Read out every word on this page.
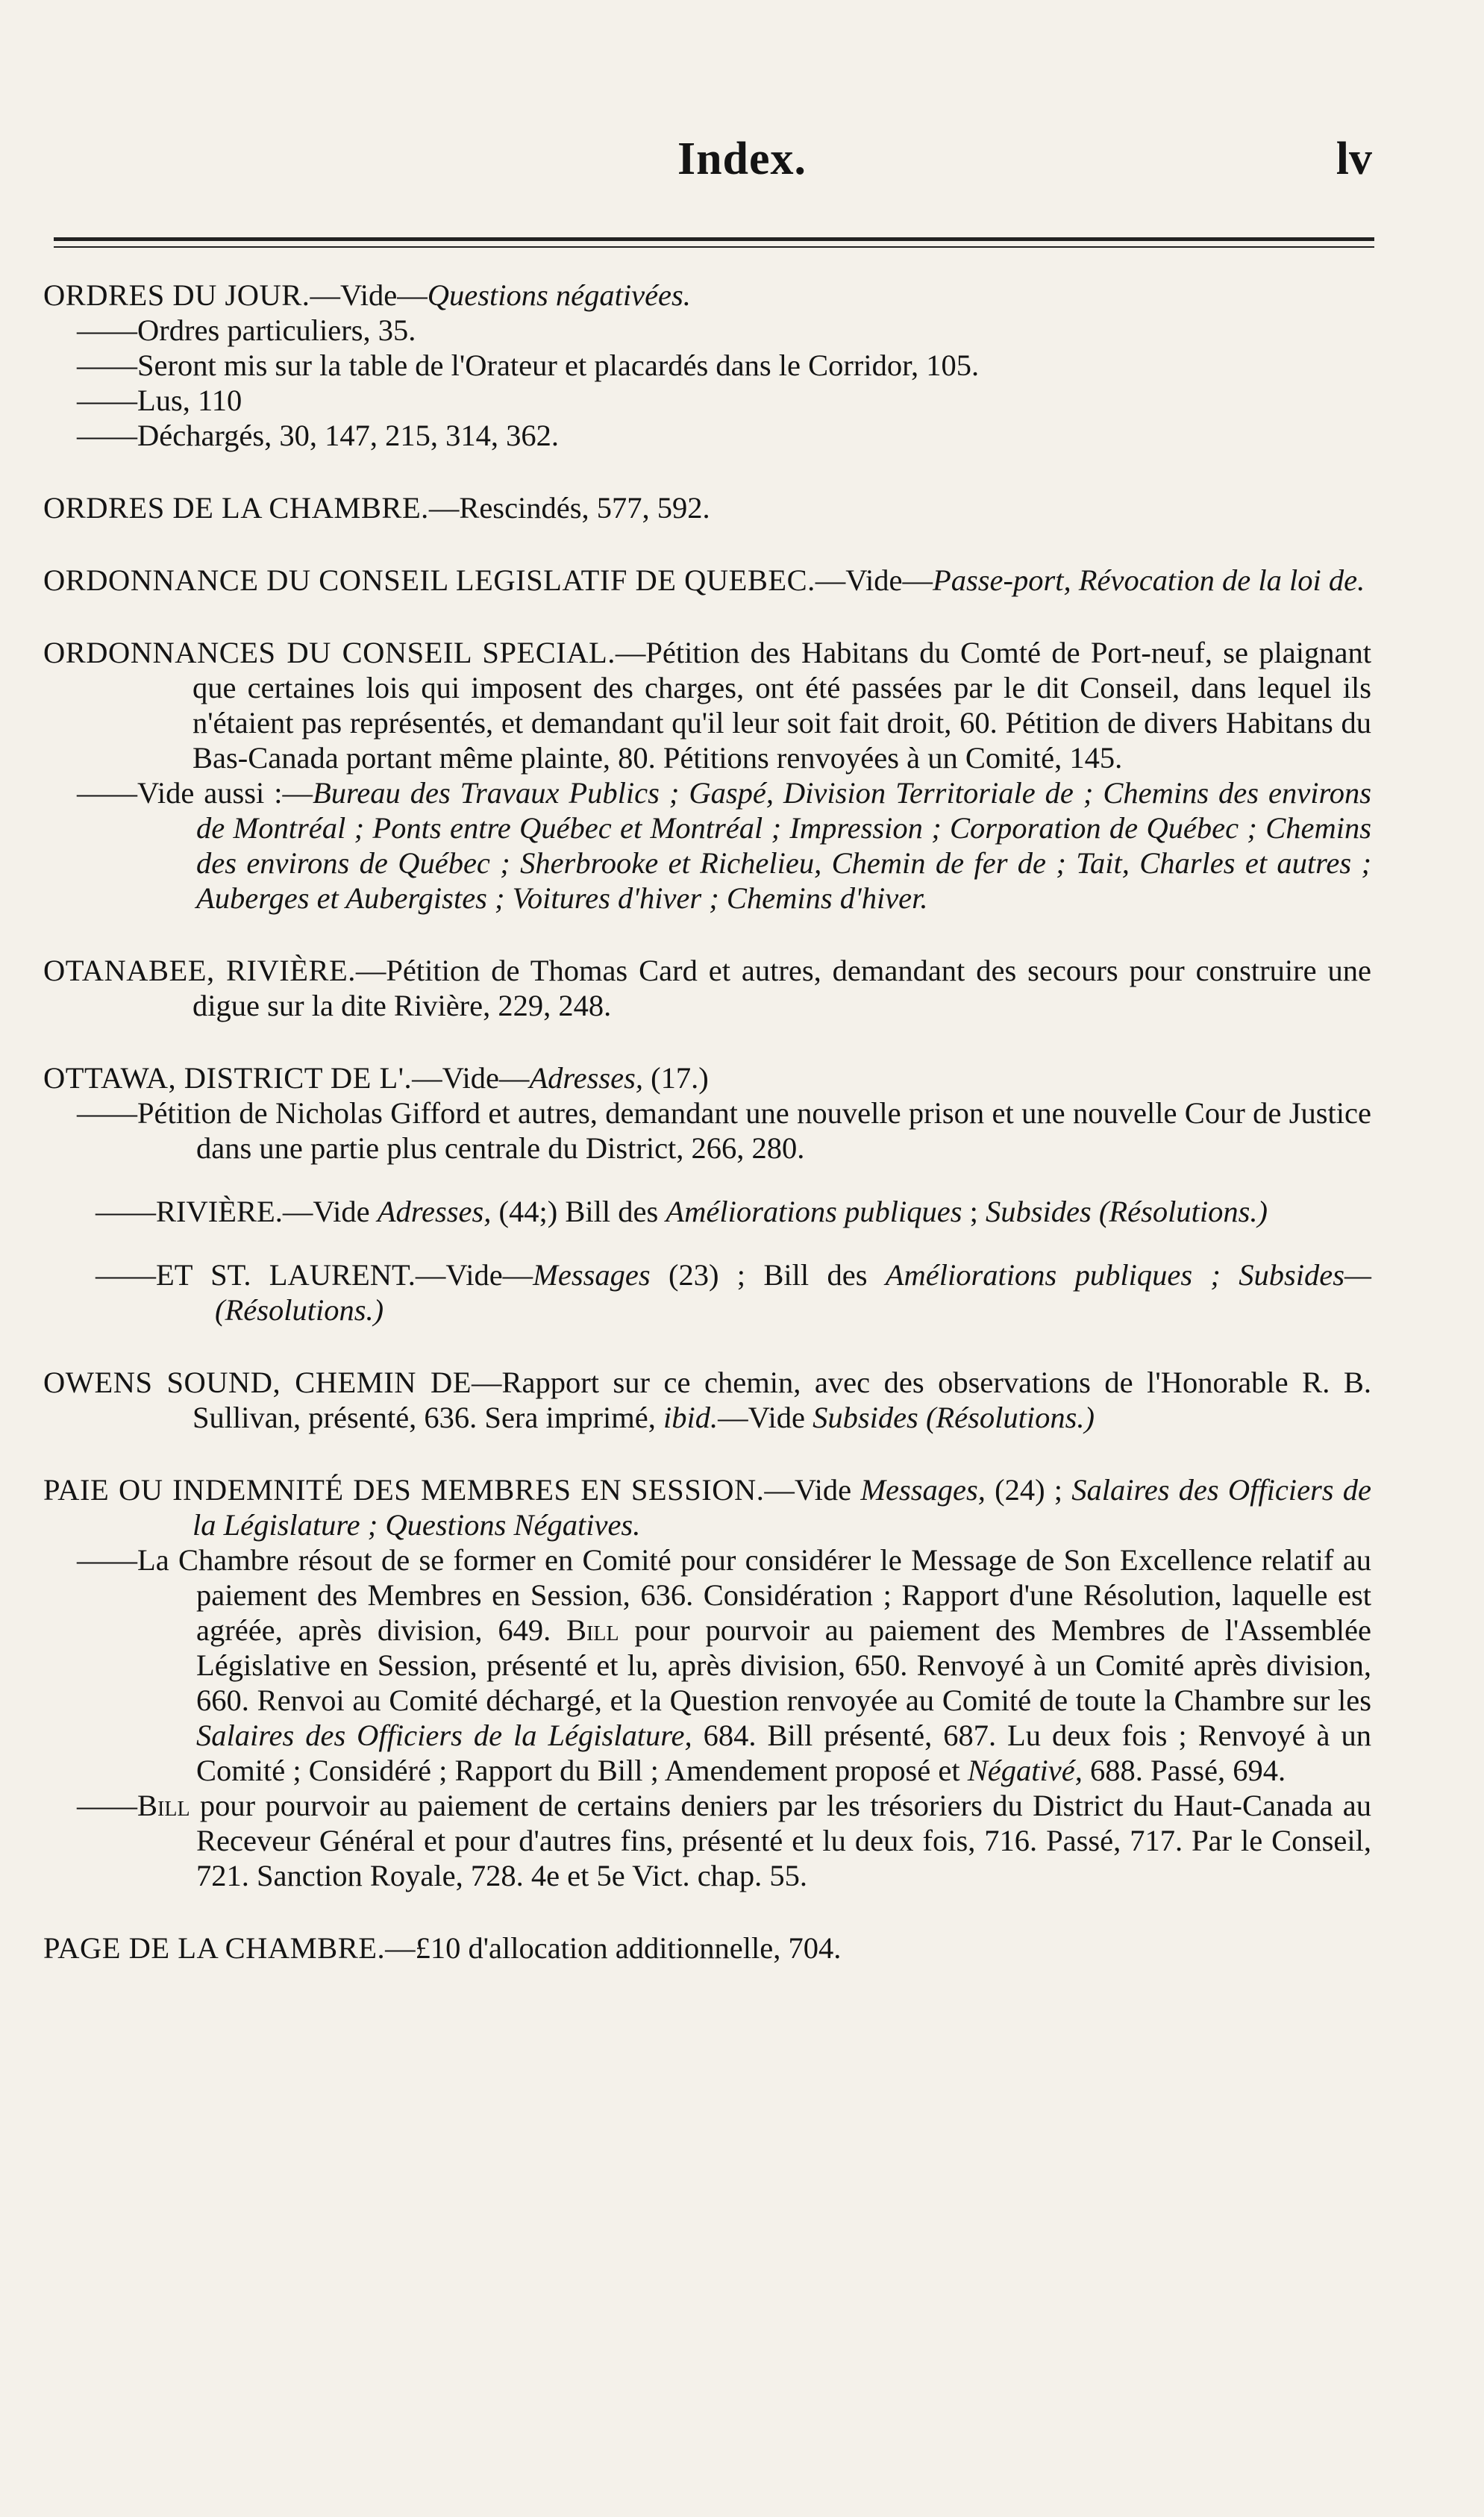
Index.	lv

ORDRES DU JOUR.—Vide—Questions négativées.

——Ordres particuliers, 35.

——Seront mis sur la table de l'Orateur et placardés dans le Corridor, 105.

——Lus, 110

——Déchargés, 30, 147, 215, 314, 362.

ORDRES DE LA CHAMBRE.—Rescindés, 577, 592.

ORDONNANCE DU CONSEIL LEGISLATIF DE QUEBEC.—Vide—Passe-port, Révocation de la loi de.

ORDONNANCES DU CONSEIL SPECIAL.—Pétition des Habitans du Comté de Port-neuf, se plaignant que certaines lois qui imposent des charges, ont été passées par le dit Conseil, dans lequel ils n'étaient pas représentés, et demandant qu'il leur soit fait droit, 60. Pétition de divers Habitans du Bas-Canada portant même plainte, 80. Pétitions renvoyées à un Comité, 145.

——Vide aussi :—Bureau des Travaux Publics ; Gaspé, Division Territoriale de ; Chemins des environs de Montréal ; Ponts entre Québec et Montréal ; Impression ; Corporation de Québec ; Chemins des environs de Québec ; Sherbrooke et Richelieu, Chemin de fer de ; Tait, Charles et autres ; Auberges et Aubergistes ; Voitures d'hiver ; Chemins d'hiver.

OTANABEE, RIVIÈRE.—Pétition de Thomas Card et autres, demandant des secours pour construire une digue sur la dite Rivière, 229, 248.

OTTAWA, DISTRICT DE L'.—Vide—Adresses, (17.)

——Pétition de Nicholas Gifford et autres, demandant une nouvelle prison et une nouvelle Cour de Justice dans une partie plus centrale du District, 266, 280.

——RIVIÈRE.—Vide Adresses, (44;) Bill des Améliorations publiques ; Subsides (Résolutions.)

——ET ST. LAURENT.—Vide—Messages (23) ; Bill des Améliorations publiques ; Subsides—(Résolutions.)

OWENS SOUND, CHEMIN DE—Rapport sur ce chemin, avec des observations de l'Honorable R. B. Sullivan, présenté, 636. Sera imprimé, ibid.—Vide Subsides (Résolutions.)

PAIE OU INDEMNITÉ DES MEMBRES EN SESSION.—Vide Messages, (24) ; Salaires des Officiers de la Législature ; Questions Négatives.

——La Chambre résout de se former en Comité pour considérer le Message de Son Excellence relatif au paiement des Membres en Session, 636. Considération ; Rapport d'une Résolution, laquelle est agréée, après division, 649. Bill pour pourvoir au paiement des Membres de l'Assemblée Législative en Session, présenté et lu, après division, 650. Renvoyé à un Comité après division, 660. Renvoi au Comité déchargé, et la Question renvoyée au Comité de toute la Chambre sur les Salaires des Officiers de la Législature, 684. Bill présenté, 687. Lu deux fois ; Renvoyé à un Comité ; Considéré ; Rapport du Bill ; Amendement proposé et Négativé, 688. Passé, 694.

——Bill pour pourvoir au paiement de certains deniers par les trésoriers du District du Haut-Canada au Receveur Général et pour d'autres fins, présenté et lu deux fois, 716. Passé, 717. Par le Conseil, 721. Sanction Royale, 728. 4e et 5e Vict. chap. 55.

PAGE DE LA CHAMBRE.—£10 d'allocation additionnelle, 704.
